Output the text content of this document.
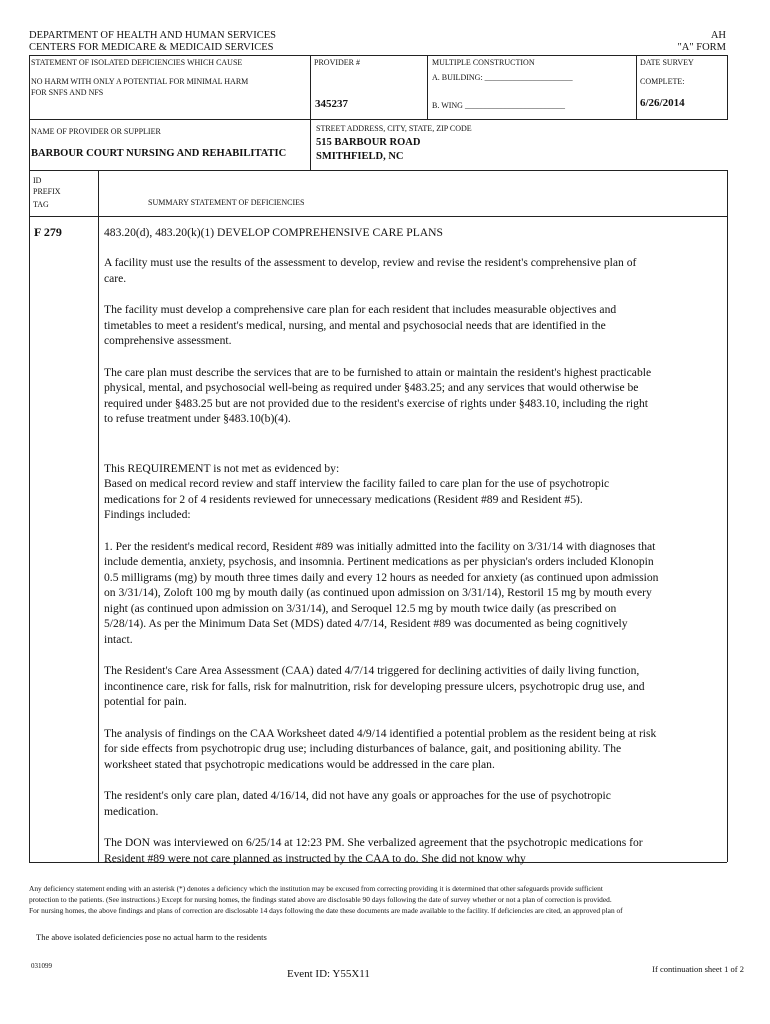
DEPARTMENT OF HEALTH AND HUMAN SERVICES
CENTERS FOR MEDICARE & MEDICAID SERVICES
AH
"A" FORM
STATEMENT OF ISOLATED DEFICIENCIES WHICH CAUSE
NO HARM WITH ONLY A POTENTIAL FOR MINIMAL HARM
FOR SNFS AND NFS
PROVIDER #
345237
MULTIPLE CONSTRUCTION
A. BUILDING: ______________________
B. WING _________________________
DATE SURVEY
COMPLETE:
6/26/2014
NAME OF PROVIDER OR SUPPLIER
BARBOUR COURT NURSING AND REHABILITATIC
STREET ADDRESS, CITY, STATE, ZIP CODE
515 BARBOUR ROAD
SMITHFIELD, NC
ID
PREFIX
TAG	SUMMARY STATEMENT OF DEFICIENCIES
F 279	483.20(d), 483.20(k)(1) DEVELOP COMPREHENSIVE CARE PLANS

A facility must use the results of the assessment to develop, review and revise the resident's comprehensive plan of care.

The facility must develop a comprehensive care plan for each resident that includes measurable objectives and timetables to meet a resident's medical, nursing, and mental and psychosocial needs that are identified in the comprehensive assessment.

The care plan must describe the services that are to be furnished to attain or maintain the resident's highest practicable physical, mental, and psychosocial well-being as required under §483.25; and any services that would otherwise be required under §483.25 but are not provided due to the resident's exercise of rights under §483.10, including the right to refuse treatment under §483.10(b)(4).

This REQUIREMENT is not met as evidenced by:
Based on medical record review and staff interview the facility failed to care plan for the use of psychotropic medications for 2 of 4 residents reviewed for unnecessary medications (Resident #89 and Resident #5).
Findings included:

1. Per the resident's medical record, Resident #89 was initially admitted into the facility on 3/31/14 with diagnoses that include dementia, anxiety, psychosis, and insomnia. Pertinent medications as per physician's orders included Klonopin 0.5 milligrams (mg) by mouth three times daily and every 12 hours as needed for anxiety (as continued upon admission on 3/31/14), Zoloft 100 mg by mouth daily (as continued upon admission on 3/31/14), Restoril 15 mg by mouth every night (as continued upon admission on 3/31/14), and Seroquel 12.5 mg by mouth twice daily (as prescribed on 5/28/14). As per the Minimum Data Set (MDS) dated 4/7/14, Resident #89 was documented as being cognitively intact.

The Resident's Care Area Assessment (CAA) dated 4/7/14 triggered for declining activities of daily living function, incontinence care, risk for falls, risk for malnutrition, risk for developing pressure ulcers, psychotropic drug use, and potential for pain.

The analysis of findings on the CAA Worksheet dated 4/9/14 identified a potential problem as the resident being at risk for side effects from psychotropic drug use; including disturbances of balance, gait, and positioning ability. The worksheet stated that psychotropic medications would be addressed in the care plan.

The resident's only care plan, dated 4/16/14, did not have any goals or approaches for the use of psychotropic medication.

The DON was interviewed on 6/25/14 at 12:23 PM. She verbalized agreement that the psychotropic medications for Resident #89 were not care planned as instructed by the CAA to do. She did not know why

Any deficiency statement ending with an asterisk (*) denotes a deficiency which the institution may be excused from correcting providing it is determined that other safeguards provide sufficient
protection to the patients. (See instructions.) Except for nursing homes, the findings stated above are disclosable 90 days following the date of survey whether or not a plan of correction is provided.
For nursing homes, the above findings and plans of correction are disclosable 14 days following the date these documents are made available to the facility. If deficiencies are cited, an approved plan of
The above isolated deficiencies pose no actual harm to the residents
031099
Event ID: Y55X11	If continuation sheet 1 of 2
